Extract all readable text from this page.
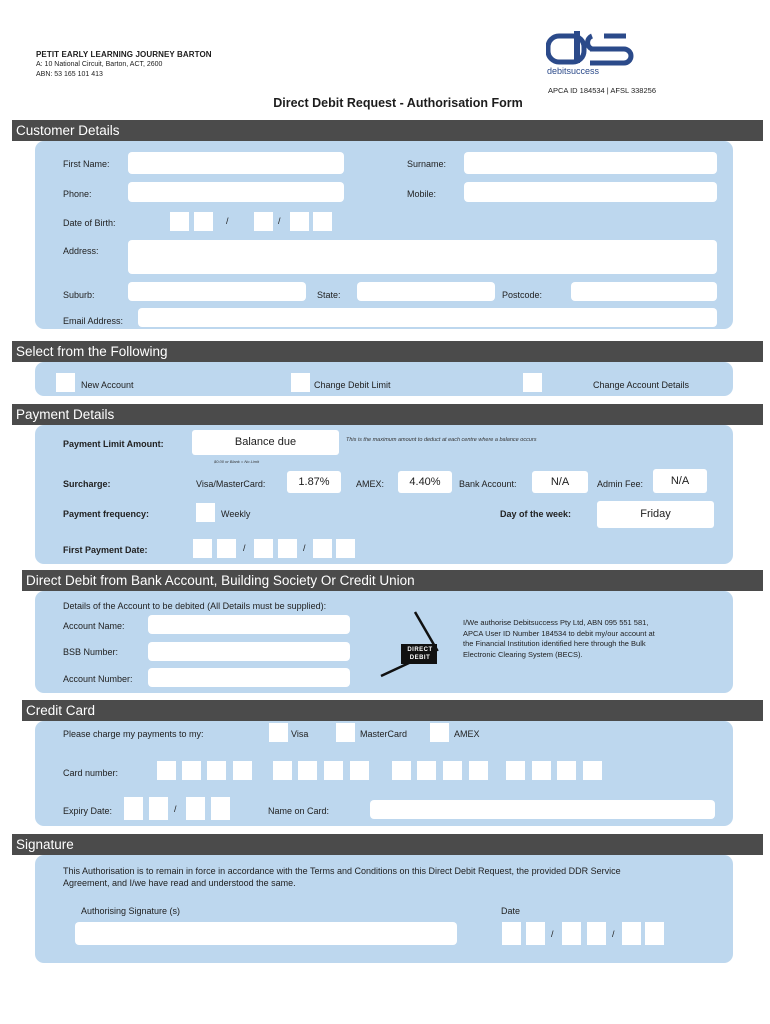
PETIT EARLY LEARNING JOURNEY BARTON
A: 10 National Circuit, Barton, ACT, 2600
ABN: 53 165 101 413	debitsuccess
APCA ID 184534 | AFSL 338256
Direct Debit Request - Authorisation Form
Customer Details
First Name:	Surname:
Phone:	Mobile:
Date of Birth:	/	/
Address:
Suburb:	State:	Postcode:
Email Address:
Select from the Following
New Account	Change Debit Limit	Change Account Details
Payment Details
Payment Limit Amount:	Balance due	This is the maximum amount to deduct at each centre where a balance occurs
$0.00 or Blank = No Limit
Surcharge:	Visa/MasterCard:	1.87%	AMEX:	4.40%	Bank Account:	N/A	Admin Fee:	N/A
Payment frequency:	Weekly	Day of the week:	Friday
First Payment Date:	/	/
Direct Debit from Bank Account, Building Society Or Credit Union
Details of the Account to be debited (All Details must be supplied):
Account Name:
BSB Number:
Account Number:
DIRECT
DEBIT
I/We authorise Debitsuccess Pty Ltd, ABN 095 551 581,
APCA User ID Number 184534 to debit my/our account at
the Financial Institution identified here through the Bulk
Electronic Clearing System (BECS).
Credit Card
Please charge my payments to my:	Visa	MasterCard	AMEX
Card number:
Expiry Date:	/	Name on Card:
Signature
This Authorisation is to remain in force in accordance with the Terms and Conditions on this Direct Debit Request, the provided DDR Service
Agreement, and I/we have read and understood the same.
Authorising Signature (s)	Date
/	/
